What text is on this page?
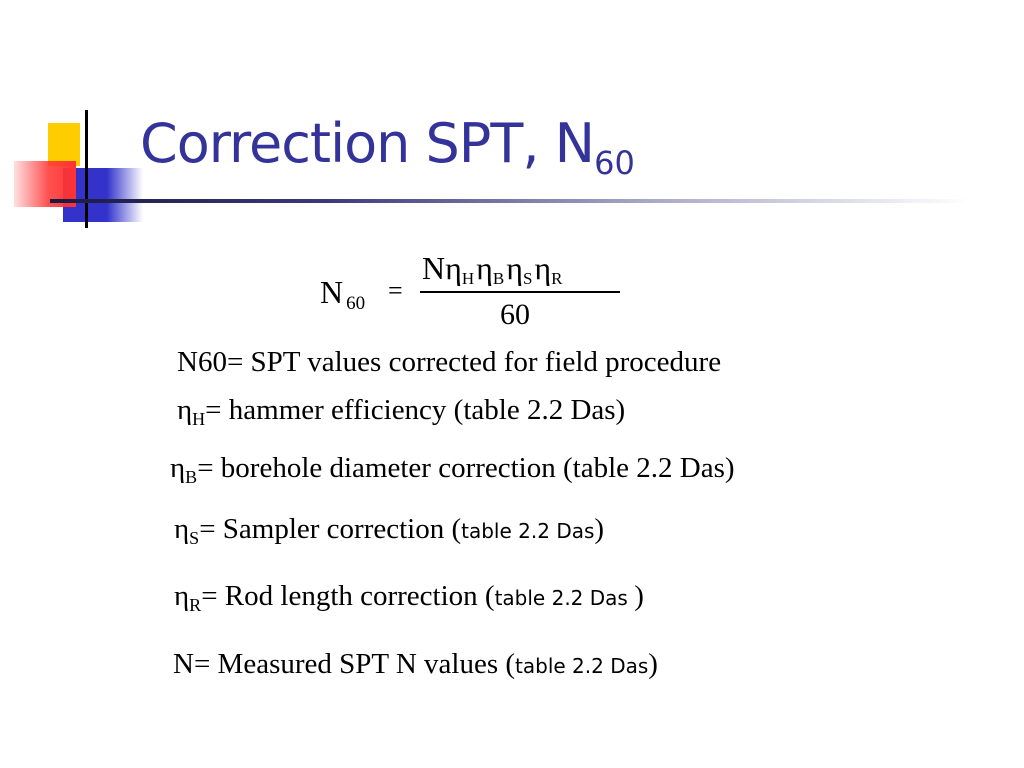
Correction SPT, $N_{60}$
N 60 =
NηHηBηSηR
60
N60= SPT values corrected for field procedure
$\eta_H=$ hammer efficiency (table 2.2 Das)
$\eta_B=$ borehole diameter correction (table 2.2 Das)
$\eta_S=$ Sampler correction (table 2.2 Das)
$\eta_R=$ Rod length correction (table 2.2 Das )
N= Measured SPT N values (table 2.2 Das)
